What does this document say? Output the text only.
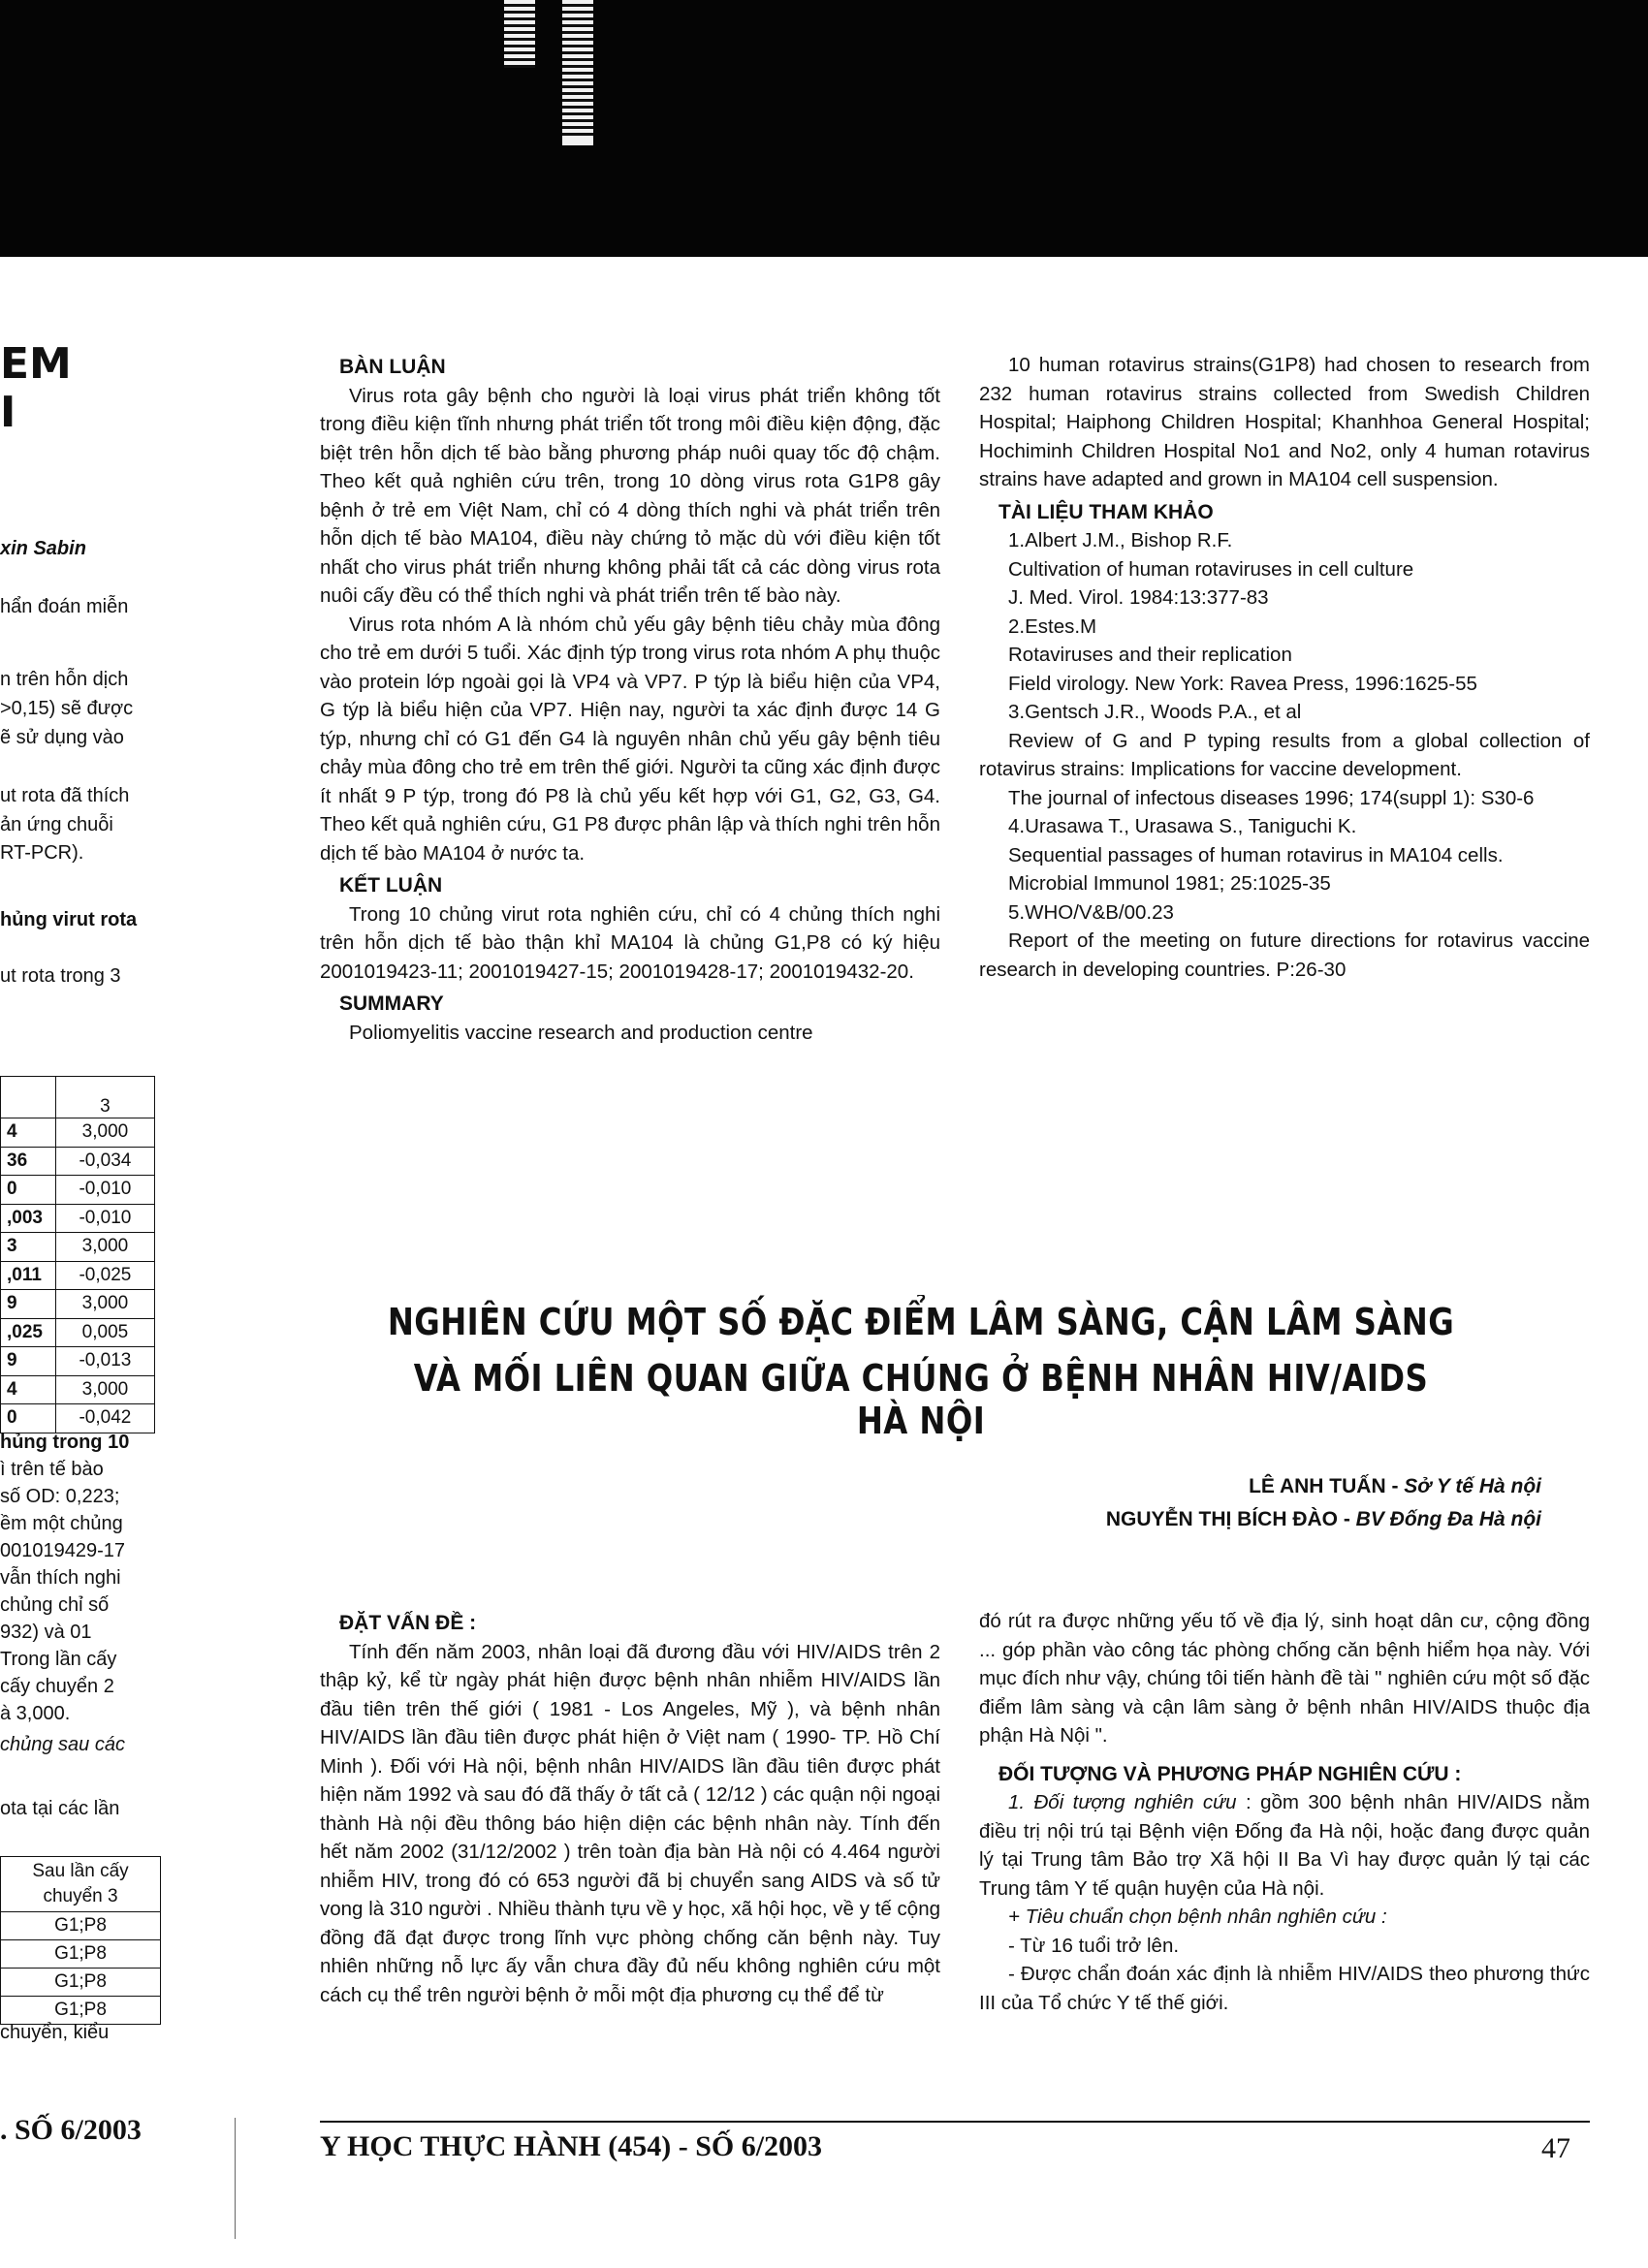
EM
I
xin Sabin
hẩn đoán miễn
n trên hỗn dịch
>0,15) sẽ được
ẽ sử dụng vào
ut rota đã thích
ản ứng chuỗi
RT-PCR).
hủng virut rota
ut rota trong 3
	3
4	3,000
36	-0,034
0	-0,010
,003	-0,010
3	3,000
,011	-0,025
9	3,000
,025	0,005
9	-0,013
4	3,000
0	-0,042
hủng trong 10
ì trên tế bào
số OD: 0,223;
ềm một chủng
001019429-17
vẫn thích nghi
chủng chỉ số
932) và 01
Trong lần cấy
cấy chuyển 2
à 3,000.
chủng sau các
ota tại các lần
Sau lần cấy chuyển 3
G1;P8
G1;P8
G1;P8
G1;P8
chuyển, kiểu
. SỐ 6/2003

BÀN LUẬN

Virus rota gây bệnh cho người là loại virus phát triển không tốt trong điều kiện tĩnh nhưng phát triển tốt trong môi điều kiện động, đặc biệt trên hỗn dịch tế bào bằng phương pháp nuôi quay tốc độ chậm. Theo kết quả nghiên cứu trên, trong 10 dòng virus rota G1P8 gây bệnh ở trẻ em Việt Nam, chỉ có 4 dòng thích nghi và phát triển trên hỗn dịch tế bào MA104, điều này chứng tỏ mặc dù với điều kiện tốt nhất cho virus phát triển nhưng không phải tất cả các dòng virus rota nuôi cấy đều có thể thích nghi và phát triển trên tế bào này.

Virus rota nhóm A là nhóm chủ yếu gây bệnh tiêu chảy mùa đông cho trẻ em dưới 5 tuổi. Xác định týp trong virus rota nhóm A phụ thuộc vào protein lớp ngoài gọi là VP4 và VP7. P týp là biểu hiện của VP4, G týp là biểu hiện của VP7. Hiện nay, người ta xác định được 14 G týp, nhưng chỉ có G1 đến G4 là nguyên nhân chủ yếu gây bệnh tiêu chảy mùa đông cho trẻ em trên thế giới. Người ta cũng xác định được ít nhất 9 P týp, trong đó P8 là chủ yếu kết hợp với G1, G2, G3, G4. Theo kết quả nghiên cứu, G1 P8 được phân lập và thích nghi trên hỗn dịch tế bào MA104 ở nước ta.

KẾT LUẬN

Trong 10 chủng virut rota nghiên cứu, chỉ có 4 chủng thích nghi trên hỗn dịch tế bào thận khỉ MA104 là chủng G1,P8 có ký hiệu 2001019423-11; 2001019427-15; 2001019428-17; 2001019432-20.

SUMMARY

Poliomyelitis vaccine research and production centre

10 human rotavirus strains(G1P8) had chosen to research from 232 human rotavirus strains collected from Swedish Children Hospital; Haiphong Children Hospital; Khanhhoa General Hospital; Hochiminh Children Hospital No1 and No2, only 4 human rotavirus strains have adapted and grown in MA104 cell suspension.

TÀI LIỆU THAM KHẢO

1.Albert J.M., Bishop R.F.

Cultivation of human rotaviruses in cell culture

J. Med. Virol. 1984:13:377-83

2.Estes.M

Rotaviruses and their replication

Field virology. New York: Ravea Press, 1996:1625-55

3.Gentsch J.R., Woods P.A., et al

Review of G and P typing results from a global collection of rotavirus strains: Implications for vaccine development.

The journal of infectous diseases 1996; 174(suppl 1): S30-6

4.Urasawa T., Urasawa S., Taniguchi K.

Sequential passages of human rotavirus in MA104 cells.

Microbial Immunol 1981; 25:1025-35

5.WHO/V&B/00.23

Report of the meeting on future directions for rotavirus vaccine research in developing countries. P:26-30

NGHIÊN CỨU MỘT SỐ ĐẶC ĐIỂM LÂM SÀNG, CẬN LÂM SÀNG
VÀ MỐI LIÊN QUAN GIỮA CHÚNG Ở BỆNH NHÂN HIV/AIDS HÀ NỘI
LÊ ANH TUẤN - Sở Y tế Hà nội
NGUYỄN THỊ BÍCH ĐÀO - BV Đống Đa Hà nội

ĐẶT VẤN ĐỀ :

Tính đến năm 2003, nhân loại đã đương đầu với HIV/AIDS trên 2 thập kỷ, kể từ ngày phát hiện được bệnh nhân nhiễm HIV/AIDS lần đầu tiên trên thế giới ( 1981 - Los Angeles, Mỹ ), và bệnh nhân HIV/AIDS lần đầu tiên được phát hiện ở Việt nam ( 1990- TP. Hồ Chí Minh ). Đối với Hà nội, bệnh nhân HIV/AIDS lần đầu tiên được phát hiện năm 1992 và sau đó đã thấy ở tất cả ( 12/12 ) các quận nội ngoại thành Hà nội đều thông báo hiện diện các bệnh nhân này. Tính đến hết năm 2002 (31/12/2002 ) trên toàn địa bàn Hà nội có 4.464 người nhiễm HIV, trong đó có 653 người đã bị chuyển sang AIDS và số tử vong là 310 người . Nhiều thành tựu về y học, xã hội học, về y tế cộng đồng đã đạt được trong lĩnh vực phòng chống căn bệnh này. Tuy nhiên những nỗ lực ấy vẫn chưa đầy đủ nếu không nghiên cứu một cách cụ thể trên người bệnh ở mỗi một địa phương cụ thể để từ

đó rút ra được những yếu tố về địa lý, sinh hoạt dân cư, cộng đồng ... góp phần vào công tác phòng chống căn bệnh hiểm họa này. Với mục đích như vậy, chúng tôi tiến hành đề tài " nghiên cứu một số đặc điểm lâm sàng và cận lâm sàng ở bệnh nhân HIV/AIDS thuộc địa phận Hà Nội ".

ĐỐI TƯỢNG VÀ PHƯƠNG PHÁP NGHIÊN CỨU :

1. Đối tượng nghiên cứu : gồm 300 bệnh nhân HIV/AIDS nằm điều trị nội trú tại Bệnh viện Đống đa Hà nội, hoặc đang được quản lý tại Trung tâm Bảo trợ Xã hội II Ba Vì hay được quản lý tại các Trung tâm Y tế quận huyện của Hà nội.

+ Tiêu chuẩn chọn bệnh nhân nghiên cứu :

- Từ 16 tuổi trở lên.

- Được chẩn đoán xác định là nhiễm HIV/AIDS theo phương thức III của Tổ chức Y tế thế giới.

Y HỌC THỰC HÀNH (454) - SỐ 6/2003	47
